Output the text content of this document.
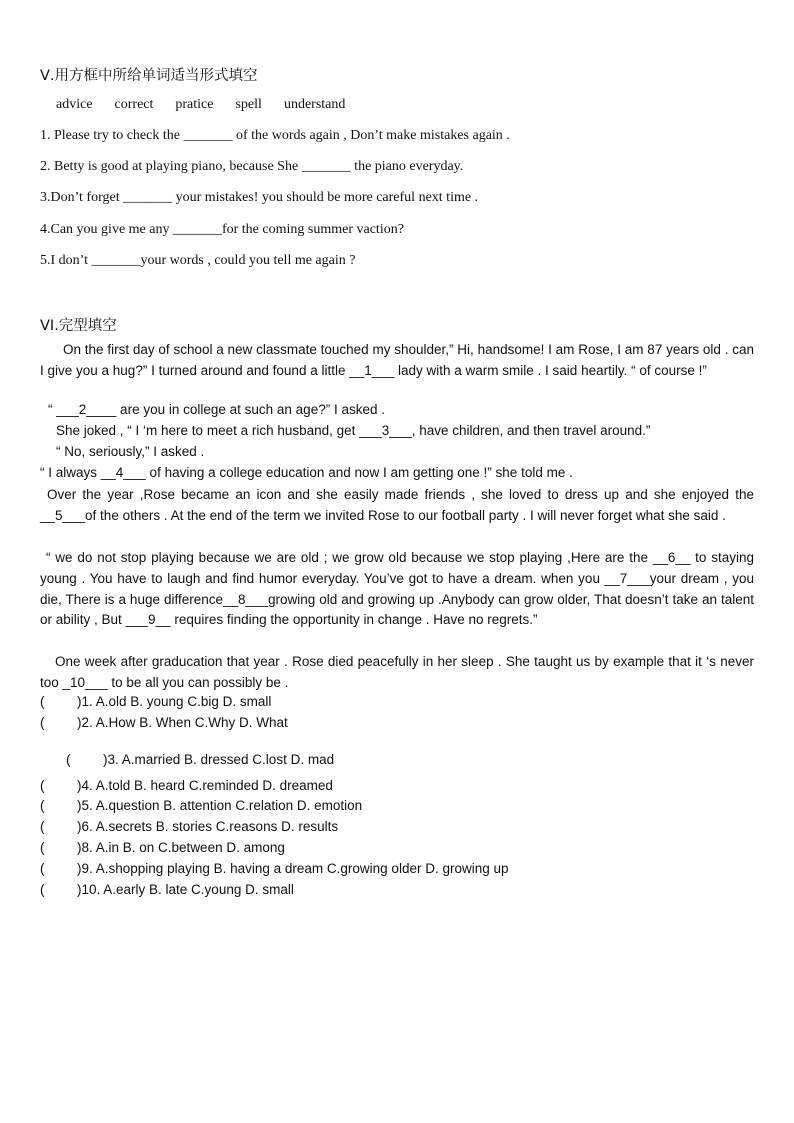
Ⅴ.用方框中所给单词适当形式填空
advice correct pratice spell understand
1. Please try to check the _______ of the words again , Don’t make mistakes again .
2. Betty is good at playing piano, because She _______ the piano everyday.
3.Don’t forget _______ your mistakes! you should be more careful next time .
4.Can you give me any _______for the coming summer vaction?
5.I don’t _______your words , could you tell me again ?
VI.完型填空
On the first day of school a new classmate touched my shoulder,” Hi, handsome! I am Rose, I am 87 years old . can I give you a hug?” I turned around and found a little __1___ lady with a warm smile . I said heartily. “ of course !”
“ ___2____ are you in college at such an age?” I asked .
She joked , “ I ‘m here to meet a rich husband, get ___3___, have children, and then travel around.”
“ No, seriously,” I asked .
“ I always __4___ of having a college education and now I am getting one !” she told me .
Over the year ,Rose became an icon and she easily made friends , she loved to dress up and she enjoyed the __5___of the others . At the end of the term we invited Rose to our football party . I will never forget what she said .
“ we do not stop playing because we are old ; we grow old because we stop playing ,Here are the __6__ to staying young . You have to laugh and find humor everyday. You’ve got to have a dream. when you __7___your dream , you die, There is a huge difference__8___growing old and growing up .Anybody can grow older, That doesn’t take an talent or ability , But ___9__ requires finding the opportunity in change . Have no regrets.”
One week after graducation that year . Rose died peacefully in her sleep . She taught us by example that it ‘s never too _10___ to be all you can possibly be .
( )1. A.old B. young C.big D. small
( )2. A.How B. When C.Why D. What
( )3. A.married B. dressed C.lost D. mad
( )4. A.told B. heard C.reminded D. dreamed
( )5. A.question B. attention C.relation D. emotion
( )6. A.secrets B. stories C.reasons D. results
( )8. A.in B. on C.between D. among
( )9. A.shopping playing B. having a dream C.growing older D. growing up
( )10. A.early B. late C.young D. small
